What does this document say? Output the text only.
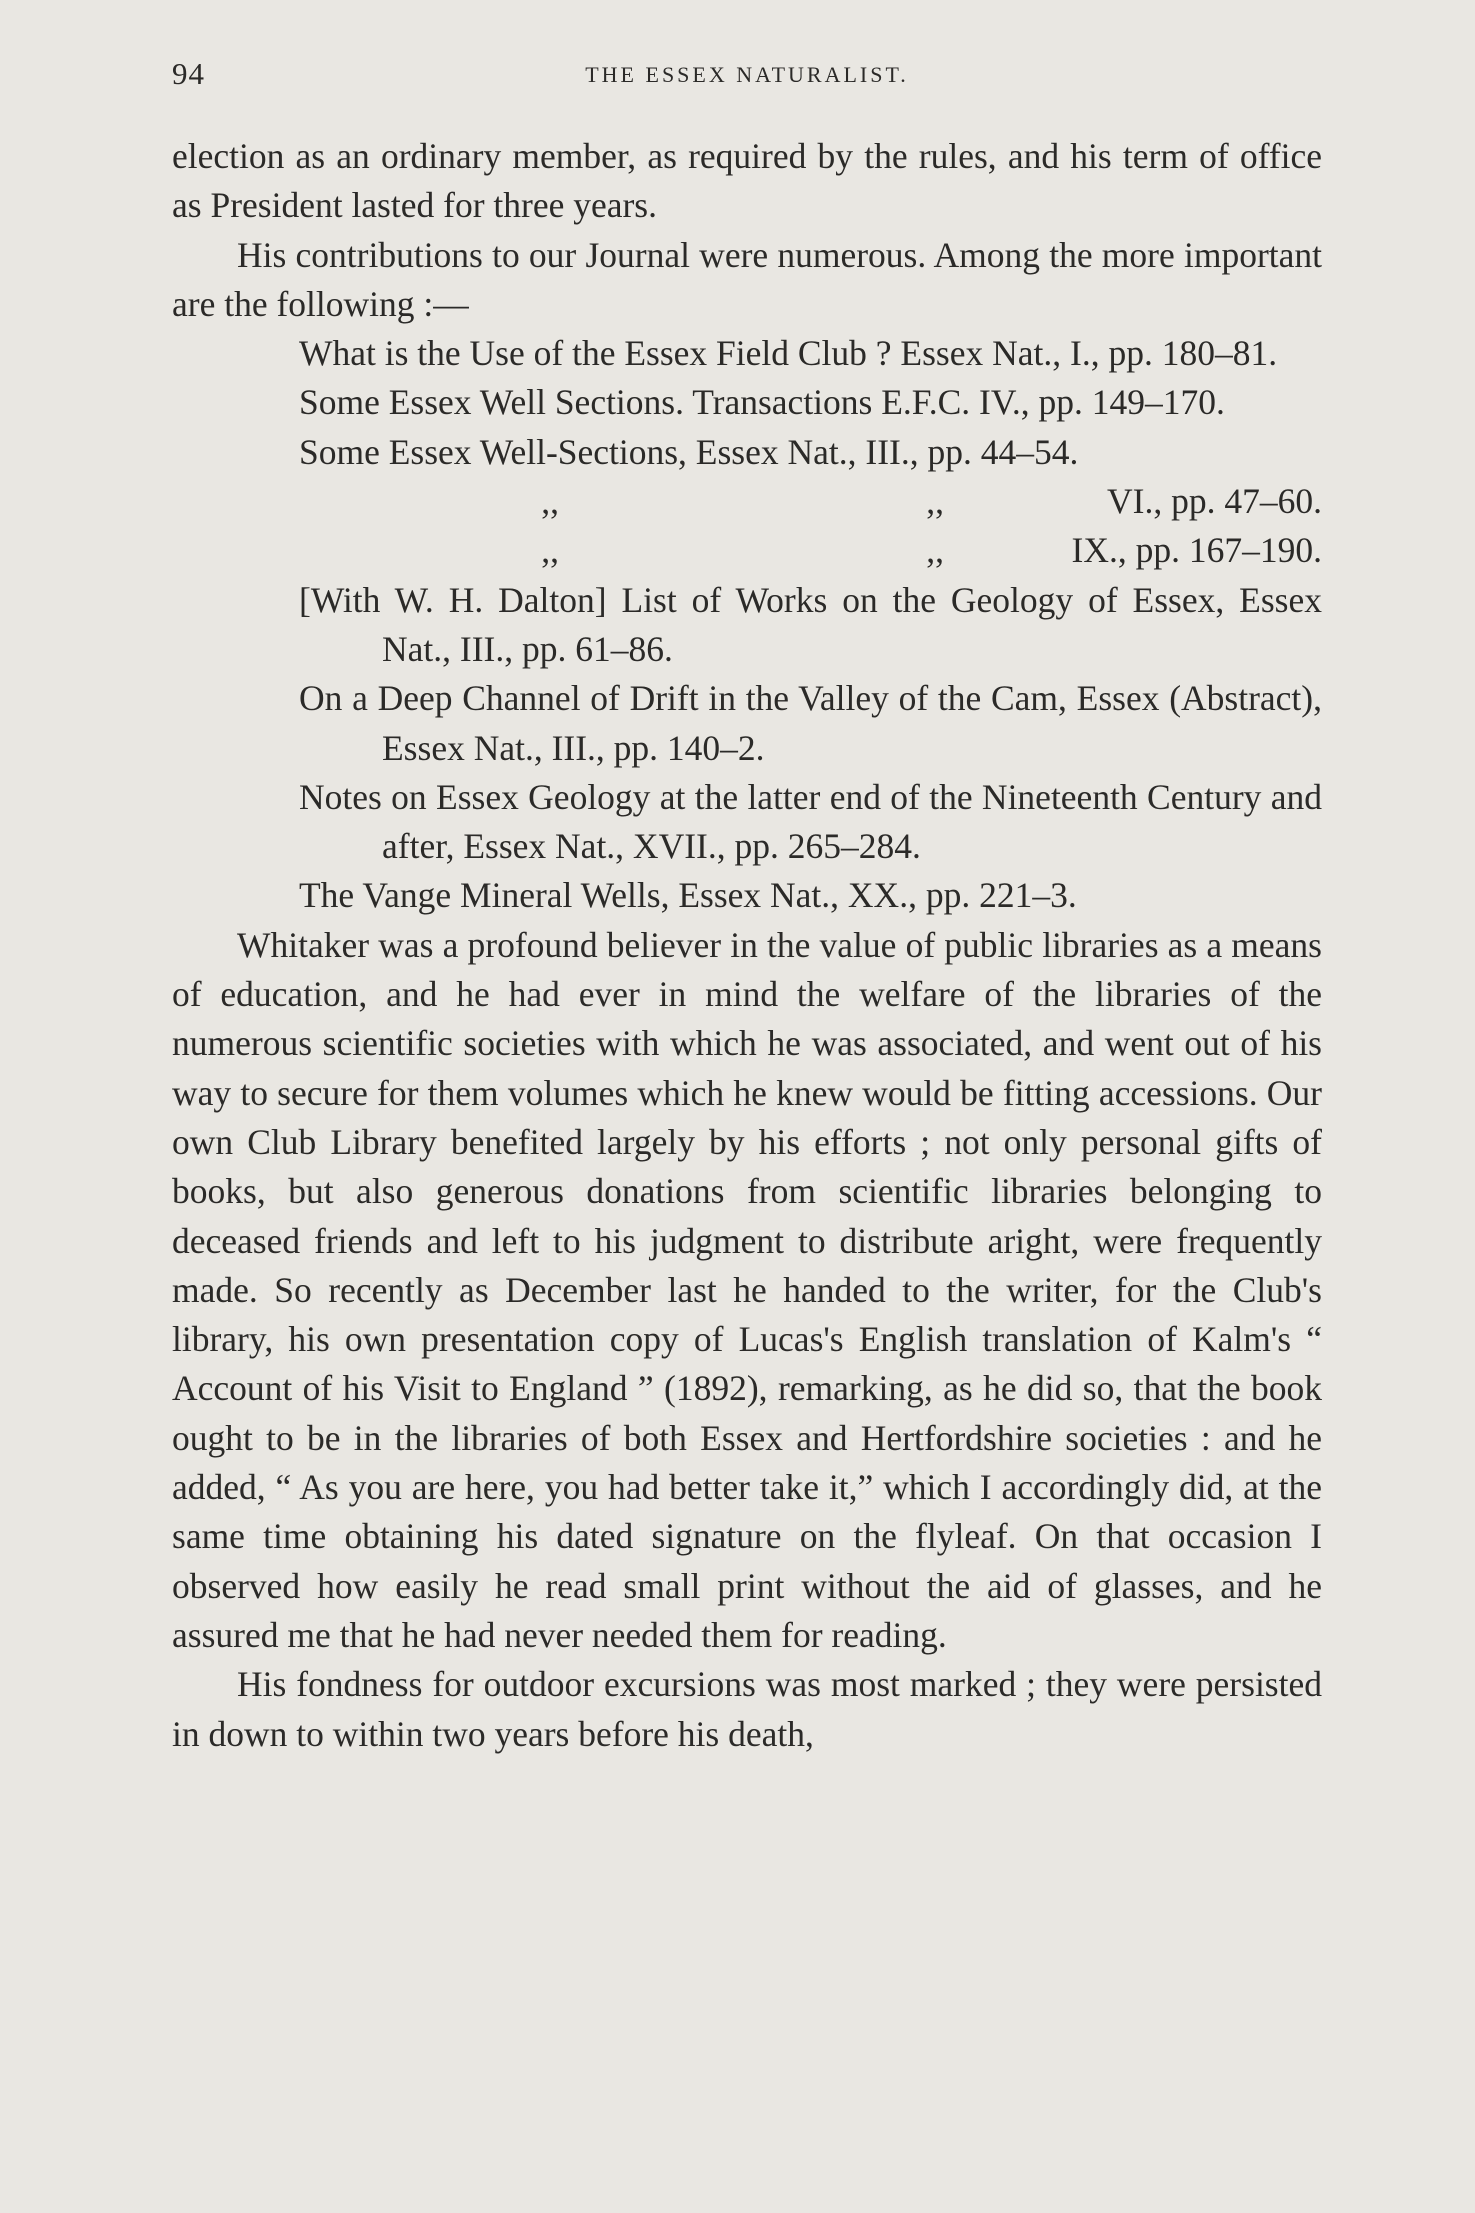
94	THE ESSEX NATURALIST.

election as an ordinary member, as required by the rules, and his term of office as President lasted for three years.

His contributions to our Journal were numerous. Among the more important are the following :—

What is the Use of the Essex Field Club ? Essex Nat., I., pp. 180–81.
Some Essex Well Sections. Transactions E.F.C. IV., pp. 149–170.
Some Essex Well-Sections, Essex Nat., III., pp. 44–54.
,,	,,	VI., pp. 47–60.
,,	,,	IX., pp. 167–190.
[With W. H. Dalton] List of Works on the Geology of Essex, Essex Nat., III., pp. 61–86.
On a Deep Channel of Drift in the Valley of the Cam, Essex (Abstract), Essex Nat., III., pp. 140–2.
Notes on Essex Geology at the latter end of the Nineteenth Century and after, Essex Nat., XVII., pp. 265–284.
The Vange Mineral Wells, Essex Nat., XX., pp. 221–3.

Whitaker was a profound believer in the value of public libraries as a means of education, and he had ever in mind the welfare of the libraries of the numerous scientific societies with which he was associated, and went out of his way to secure for them volumes which he knew would be fitting accessions. Our own Club Library benefited largely by his efforts ; not only personal gifts of books, but also generous donations from scientific libraries belonging to deceased friends and left to his judgment to distribute aright, were frequently made. So recently as December last he handed to the writer, for the Club's library, his own presentation copy of Lucas's English translation of Kalm's “ Account of his Visit to England ” (1892), remarking, as he did so, that the book ought to be in the libraries of both Essex and Hertfordshire societies : and he added, “ As you are here, you had better take it,” which I accordingly did, at the same time obtaining his dated signature on the flyleaf. On that occasion I observed how easily he read small print without the aid of glasses, and he assured me that he had never needed them for reading.

His fondness for outdoor excursions was most marked ; they were persisted in down to within two years before his death,
